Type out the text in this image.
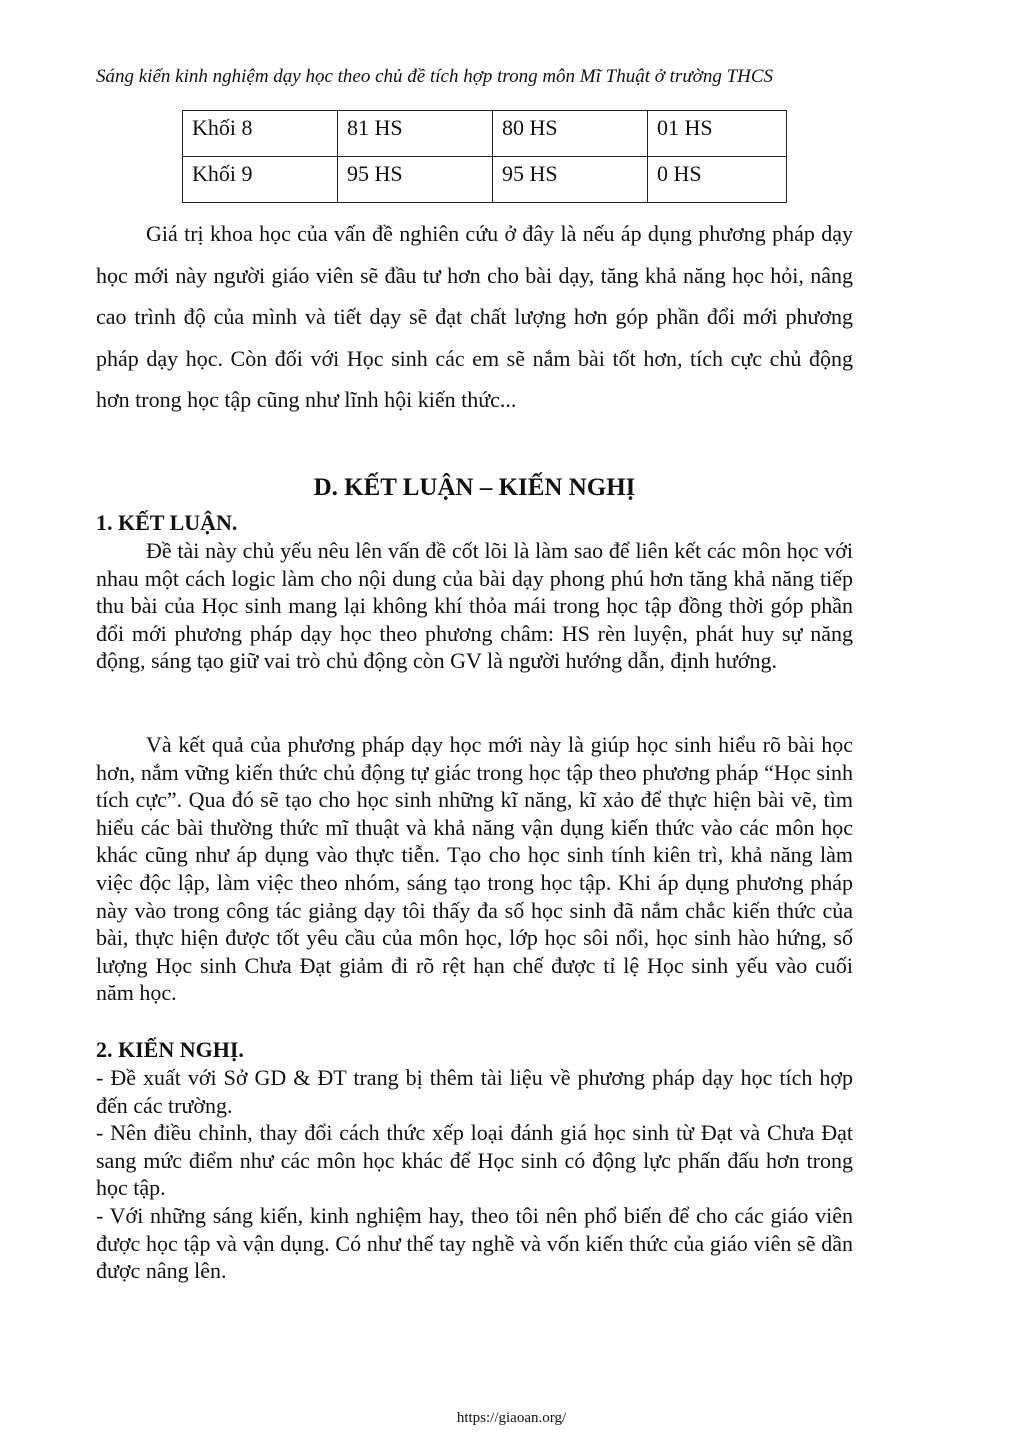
Sáng kiến kinh nghiệm dạy học theo chủ đề tích hợp trong môn Mĩ Thuật ở trường THCS
Khối 8	81 HS	80 HS	01 HS
Khối 9	95 HS	95 HS	0 HS
Giá trị khoa học của vấn đề nghiên cứu ở đây là nếu áp dụng phương pháp dạy học mới này người giáo viên sẽ đầu tư hơn cho bài dạy, tăng khả năng học hỏi, nâng cao trình độ của mình và tiết dạy sẽ đạt chất lượng hơn góp phần đổi mới phương pháp dạy học. Còn đối với Học sinh các em sẽ nắm bài tốt hơn, tích cực chủ động hơn trong học tập cũng như lĩnh hội kiến thức...
D. KẾT LUẬN – KIẾN NGHỊ
1. KẾT LUẬN.

Đề tài này chủ yếu nêu lên vấn đề cốt lõi là làm sao để liên kết các môn học với nhau một cách logic làm cho nội dung của bài dạy phong phú hơn tăng khả năng tiếp thu bài của Học sinh mang lại không khí thỏa mái trong học tập đồng thời góp phần đổi mới phương pháp dạy học theo phương châm: HS rèn luyện, phát huy sự năng động, sáng tạo giữ vai trò chủ động còn GV là người hướng dẫn, định hướng.

Và kết quả của phương pháp dạy học mới này là giúp học sinh hiểu rõ bài học hơn, nắm vững kiến thức chủ động tự giác trong học tập theo phương pháp “Học sinh tích cực”. Qua đó sẽ tạo cho học sinh những kĩ năng, kĩ xảo để thực hiện bài vẽ, tìm hiểu các bài thường thức mĩ thuật và khả năng vận dụng kiến thức vào các môn học khác cũng như áp dụng vào thực tiễn. Tạo cho học sinh tính kiên trì, khả năng làm việc độc lập, làm việc theo nhóm, sáng tạo trong học tập. Khi áp dụng phương pháp này vào trong công tác giảng dạy tôi thấy đa số học sinh đã nắm chắc kiến thức của bài, thực hiện được tốt yêu cầu của môn học, lớp học sôi nổi, học sinh hào hứng, số lượng Học sinh Chưa Đạt giảm đi rõ rệt hạn chế được tỉ lệ Học sinh yếu vào cuối năm học.

2. KIẾN NGHỊ.

- Đề xuất với Sở GD & ĐT trang bị thêm tài liệu về phương pháp dạy học tích hợp đến các trường.

- Nên điều chỉnh, thay đổi cách thức xếp loại đánh giá học sinh từ Đạt và Chưa Đạt sang mức điểm như các môn học khác để Học sinh có động lực phấn đấu hơn trong học tập.

- Với những sáng kiến, kinh nghiệm hay, theo tôi nên phổ biến để cho các giáo viên được học tập và vận dụng. Có như thế tay nghề và vốn kiến thức của giáo viên sẽ dần được nâng lên.

https://giaoan.org/
